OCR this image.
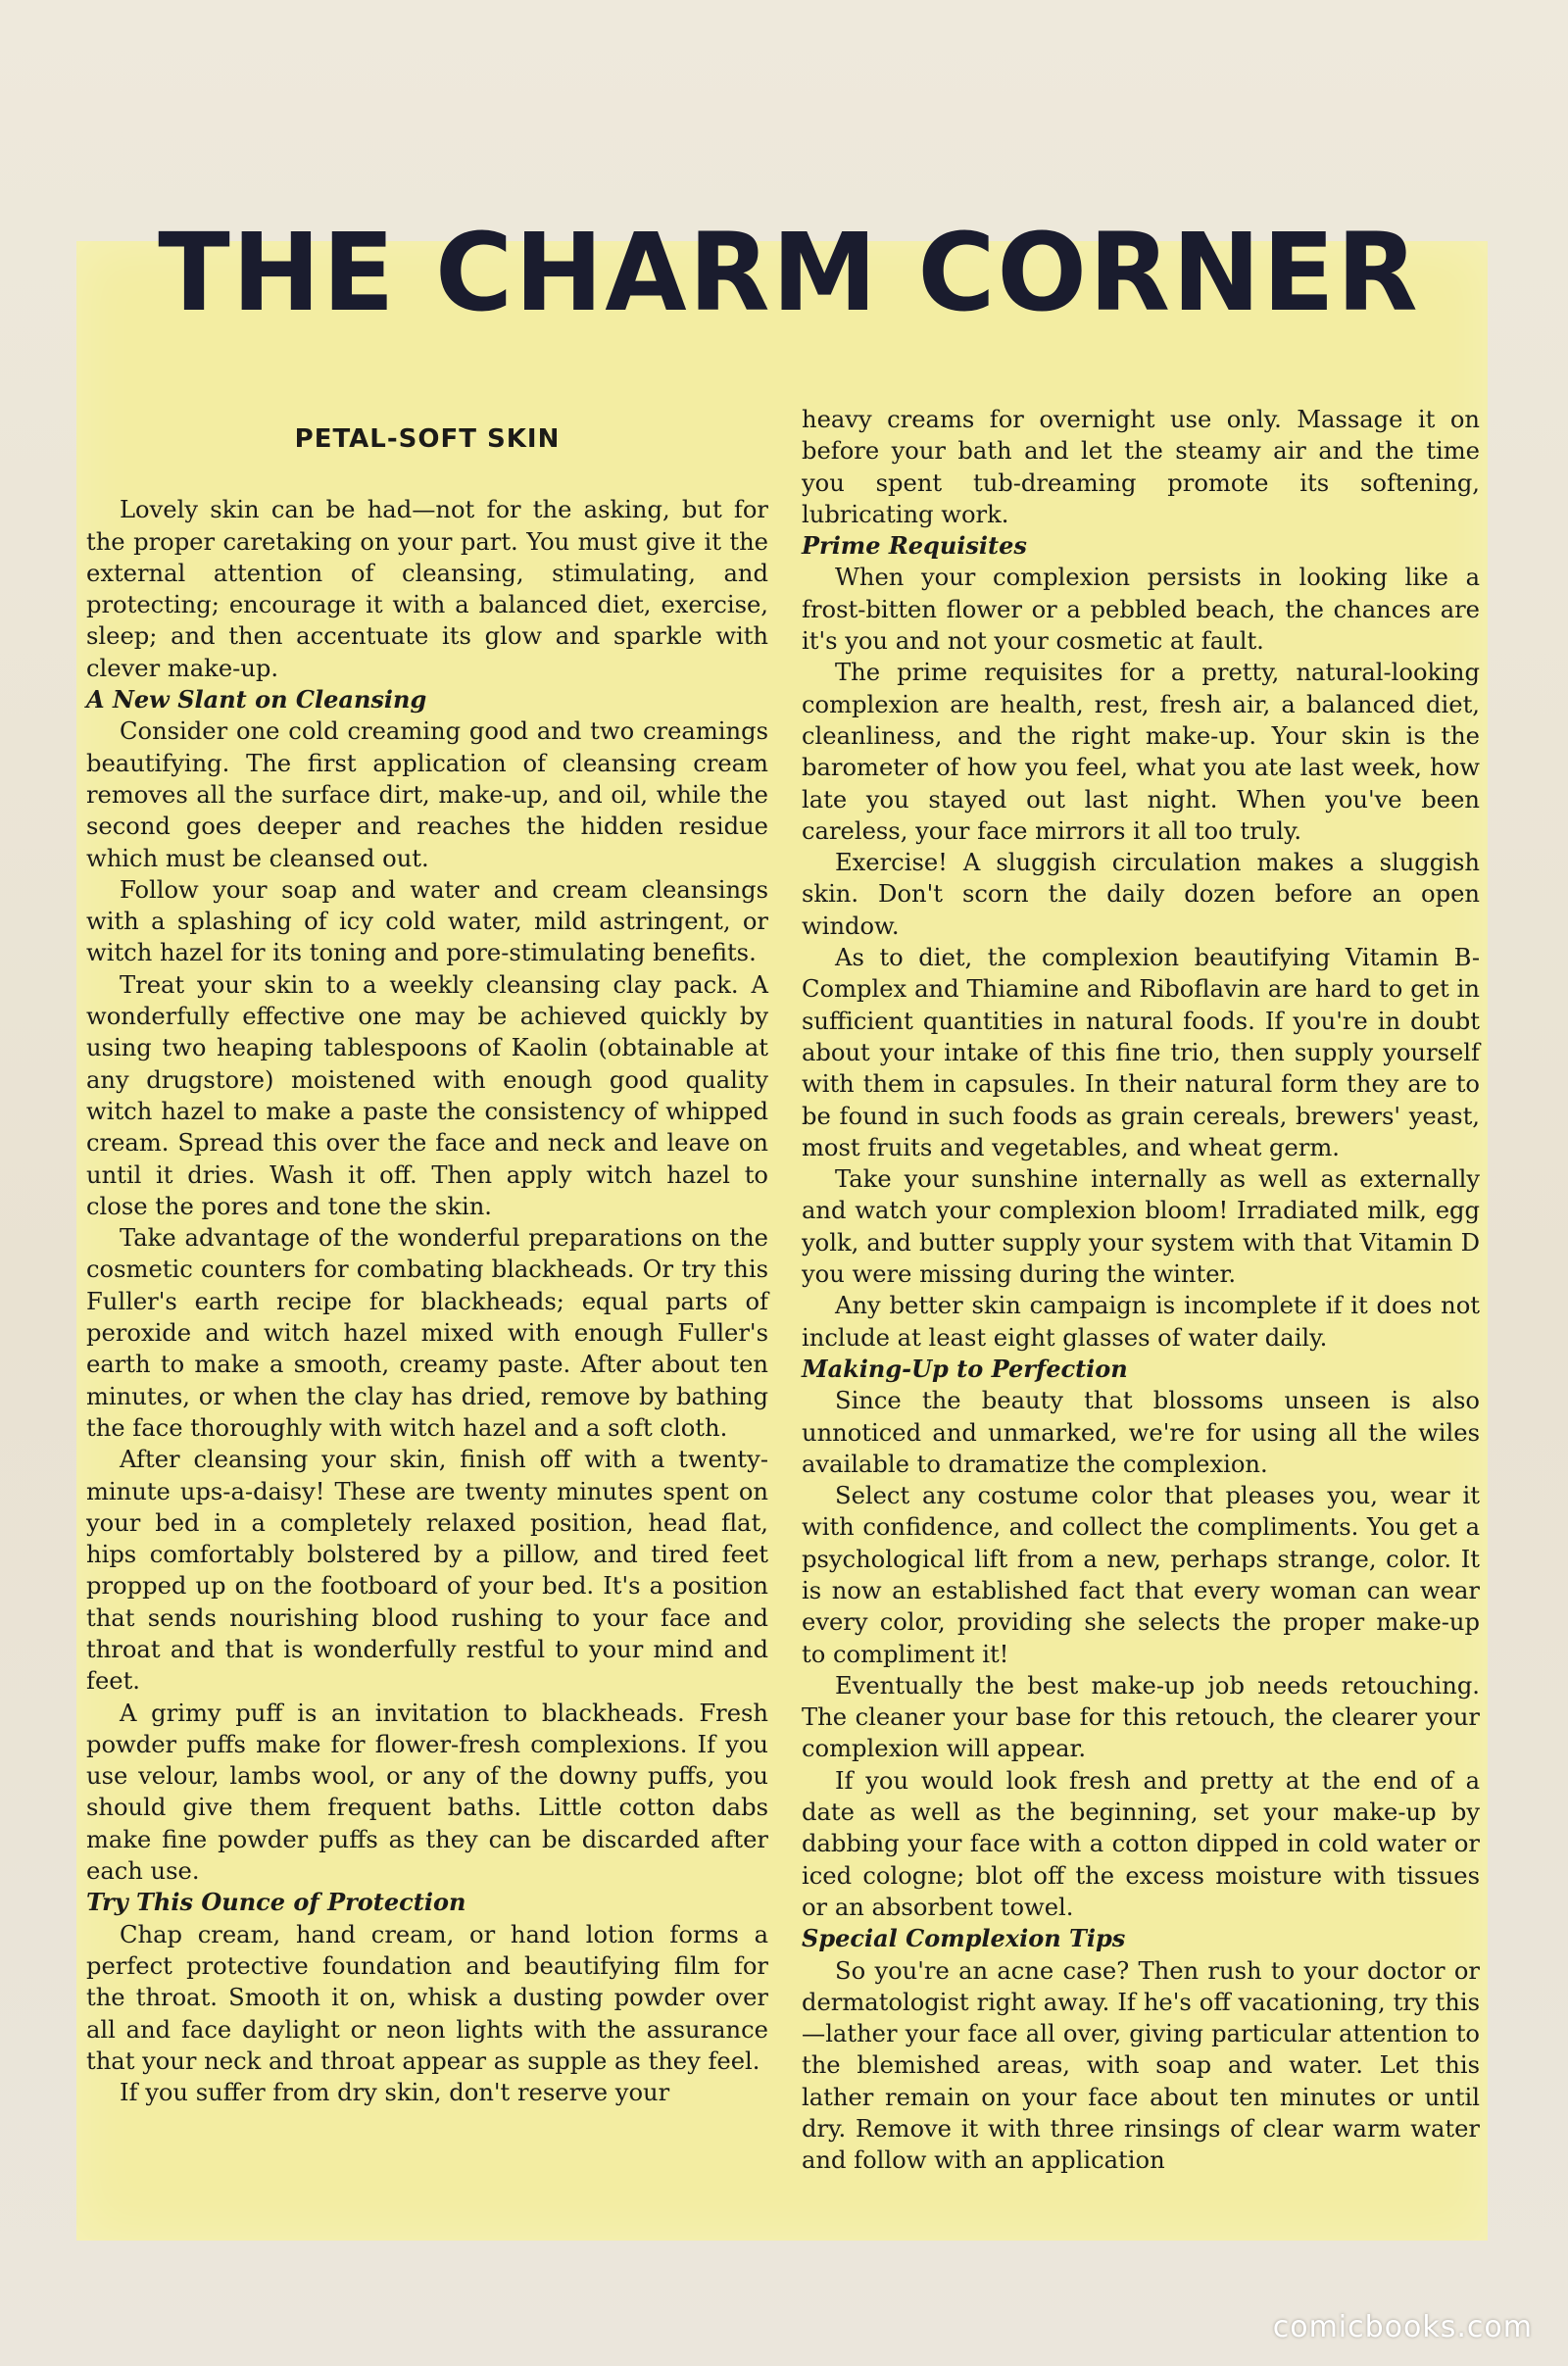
THE CHARM CORNER
PETAL-SOFT SKIN

Lovely skin can be had—not for the asking, but for the proper caretaking on your part. You must give it the external attention of cleansing, stimulating, and protecting; encourage it with a balanced diet, exercise, sleep; and then accentuate its glow and sparkle with clever make-up.

A New Slant on Cleansing

Consider one cold creaming good and two creamings beautifying. The first application of cleansing cream removes all the surface dirt, make-up, and oil, while the second goes deeper and reaches the hidden residue which must be cleansed out.

Follow your soap and water and cream cleansings with a splashing of icy cold water, mild astringent, or witch hazel for its toning and pore-stimulating benefits.

Treat your skin to a weekly cleansing clay pack. A wonderfully effective one may be achieved quickly by using two heaping tablespoons of Kaolin (obtainable at any drugstore) moistened with enough good quality witch hazel to make a paste the consistency of whipped cream. Spread this over the face and neck and leave on until it dries. Wash it off. Then apply witch hazel to close the pores and tone the skin.

Take advantage of the wonderful preparations on the cosmetic counters for combating blackheads. Or try this Fuller's earth recipe for blackheads; equal parts of peroxide and witch hazel mixed with enough Fuller's earth to make a smooth, creamy paste. After about ten minutes, or when the clay has dried, remove by bathing the face thoroughly with witch hazel and a soft cloth.

After cleansing your skin, finish off with a twenty-minute ups-a-daisy! These are twenty minutes spent on your bed in a completely relaxed position, head flat, hips comfortably bolstered by a pillow, and tired feet propped up on the footboard of your bed. It's a position that sends nourishing blood rushing to your face and throat and that is wonderfully restful to your mind and feet.

A grimy puff is an invitation to blackheads. Fresh powder puffs make for flower-fresh complexions. If you use velour, lambs wool, or any of the downy puffs, you should give them frequent baths. Little cotton dabs make fine powder puffs as they can be discarded after each use.

Try This Ounce of Protection

Chap cream, hand cream, or hand lotion forms a perfect protective foundation and beautifying film for the throat. Smooth it on, whisk a dusting powder over all and face daylight or neon lights with the assurance that your neck and throat appear as supple as they feel.

If you suffer from dry skin, don't reserve your

heavy creams for overnight use only. Massage it on before your bath and let the steamy air and the time you spent tub-dreaming promote its softening, lubricating work.

Prime Requisites

When your complexion persists in looking like a frost-bitten flower or a pebbled beach, the chances are it's you and not your cosmetic at fault.

The prime requisites for a pretty, natural-looking complexion are health, rest, fresh air, a balanced diet, cleanliness, and the right make-up. Your skin is the barometer of how you feel, what you ate last week, how late you stayed out last night. When you've been careless, your face mirrors it all too truly.

Exercise! A sluggish circulation makes a sluggish skin. Don't scorn the daily dozen before an open window.

As to diet, the complexion beautifying Vitamin B-Complex and Thiamine and Riboflavin are hard to get in sufficient quantities in natural foods. If you're in doubt about your intake of this fine trio, then supply yourself with them in capsules. In their natural form they are to be found in such foods as grain cereals, brewers' yeast, most fruits and vegetables, and wheat germ.

Take your sunshine internally as well as externally and watch your complexion bloom! Irradiated milk, egg yolk, and butter supply your system with that Vitamin D you were missing during the winter.

Any better skin campaign is incomplete if it does not include at least eight glasses of water daily.

Making-Up to Perfection

Since the beauty that blossoms unseen is also unnoticed and unmarked, we're for using all the wiles available to dramatize the complexion.

Select any costume color that pleases you, wear it with confidence, and collect the compliments. You get a psychological lift from a new, perhaps strange, color. It is now an established fact that every woman can wear every color, providing she selects the proper make-up to compliment it!

Eventually the best make-up job needs retouching. The cleaner your base for this retouch, the clearer your complexion will appear.

If you would look fresh and pretty at the end of a date as well as the beginning, set your make-up by dabbing your face with a cotton dipped in cold water or iced cologne; blot off the excess moisture with tissues or an absorbent towel.

Special Complexion Tips

So you're an acne case? Then rush to your doctor or dermatologist right away. If he's off vacationing, try this—lather your face all over, giving particular attention to the blemished areas, with soap and water. Let this lather remain on your face about ten minutes or until dry. Remove it with three rinsings of clear warm water and follow with an application

comicbooks.com
